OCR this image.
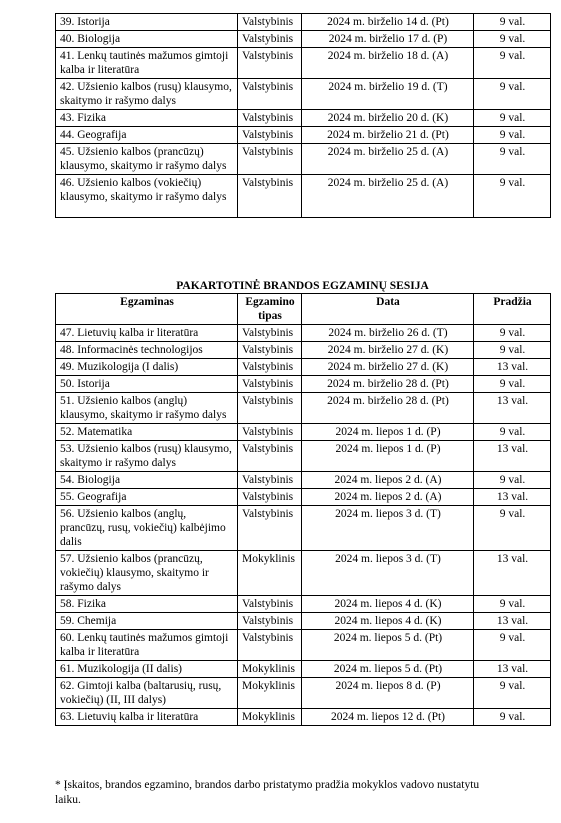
39. Istorija	Valstybinis	2024 m. birželio 14 d. (Pt)	9 val.
40. Biologija	Valstybinis	2024 m. birželio 17 d. (P)	9 val.
41. Lenkų tautinės mažumos gimtoji kalba ir literatūra	Valstybinis	2024 m. birželio 18 d. (A)	9 val.
42. Užsienio kalbos (rusų) klausymo, skaitymo ir rašymo dalys	Valstybinis	2024 m. birželio 19 d. (T)	9 val.
43. Fizika	Valstybinis	2024 m. birželio 20 d. (K)	9 val.
44. Geografija	Valstybinis	2024 m. birželio 21 d. (Pt)	9 val.
45. Užsienio kalbos (prancūzų) klausymo, skaitymo ir rašymo dalys	Valstybinis	2024 m. birželio 25 d. (A)	9 val.
46. Užsienio kalbos (vokiečių) klausymo, skaitymo ir rašymo dalys	Valstybinis	2024 m. birželio 25 d. (A)	9 val.
PAKARTOTINĖ BRANDOS EGZAMINŲ SESIJA
Egzaminas	Egzamino tipas	Data	Pradžia
47. Lietuvių kalba ir literatūra	Valstybinis	2024 m. birželio 26 d. (T)	9 val.
48. Informacinės technologijos	Valstybinis	2024 m. birželio 27 d. (K)	9 val.
49. Muzikologija (I dalis)	Valstybinis	2024 m. birželio 27 d. (K)	13 val.
50. Istorija	Valstybinis	2024 m. birželio 28 d. (Pt)	9 val.
51. Užsienio kalbos (anglų) klausymo, skaitymo ir rašymo dalys	Valstybinis	2024 m. birželio 28 d. (Pt)	13 val.
52. Matematika	Valstybinis	2024 m. liepos 1 d. (P)	9 val.
53. Užsienio kalbos (rusų) klausymo, skaitymo ir rašymo dalys	Valstybinis	2024 m. liepos 1 d. (P)	13 val.
54. Biologija	Valstybinis	2024 m. liepos 2 d. (A)	9 val.
55. Geografija	Valstybinis	2024 m. liepos 2 d. (A)	13 val.
56. Užsienio kalbos (anglų, prancūzų, rusų, vokiečių) kalbėjimo dalis	Valstybinis	2024 m. liepos 3 d. (T)	9 val.
57. Užsienio kalbos (prancūzų, vokiečių) klausymo, skaitymo ir rašymo dalys	Mokyklinis	2024 m. liepos 3 d. (T)	13 val.
58. Fizika	Valstybinis	2024 m. liepos 4 d. (K)	9 val.
59. Chemija	Valstybinis	2024 m. liepos 4 d. (K)	13 val.
60. Lenkų tautinės mažumos gimtoji kalba ir literatūra	Valstybinis	2024 m. liepos 5 d. (Pt)	9 val.
61. Muzikologija (II dalis)	Mokyklinis	2024 m. liepos 5 d. (Pt)	13 val.
62. Gimtoji kalba (baltarusių, rusų, vokiečių) (II, III dalys)	Mokyklinis	2024 m. liepos 8 d. (P)	9 val.
63. Lietuvių kalba ir literatūra	Mokyklinis	2024 m. liepos 12 d. (Pt)	9 val.
* Įskaitos, brandos egzamino, brandos darbo pristatymo pradžia mokyklos vadovo nustatytu laiku.
